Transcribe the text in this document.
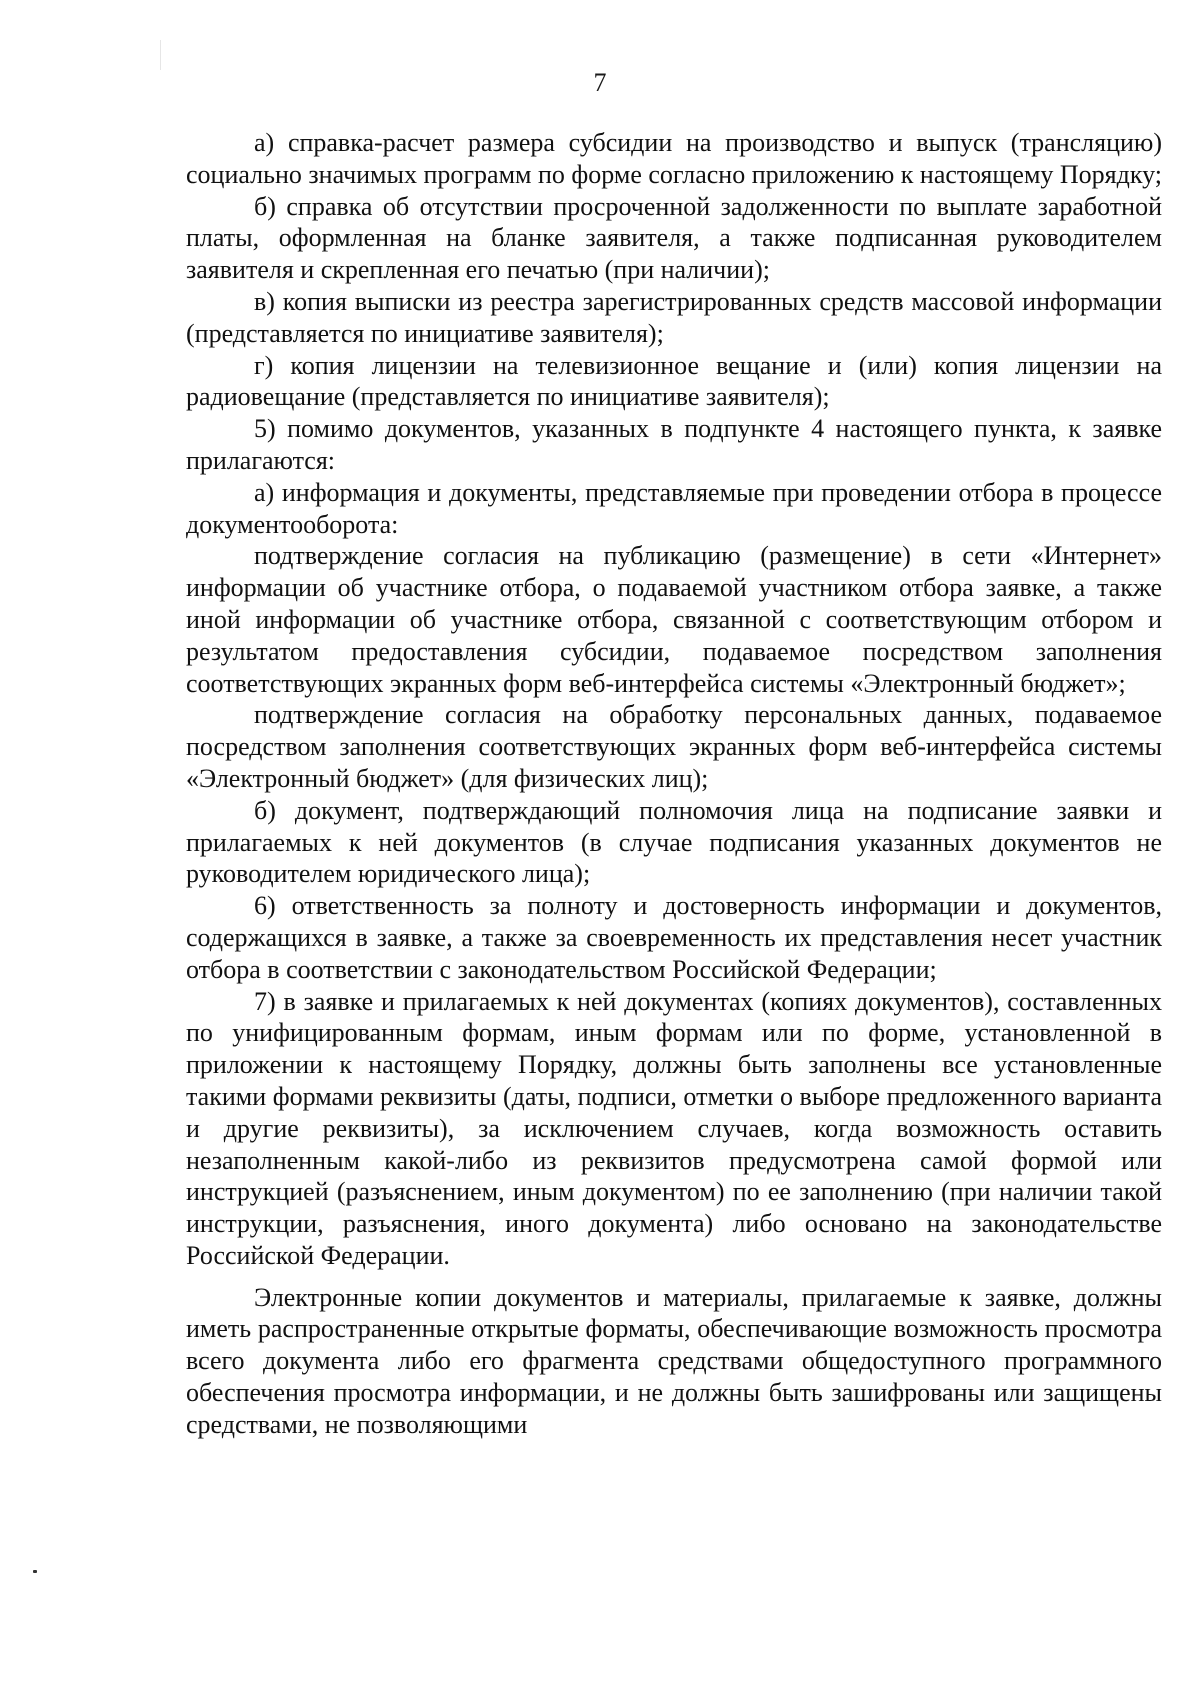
7

а) справка-расчет размера субсидии на производство и выпуск (трансляцию) социально значимых программ по форме согласно приложению к настоящему Порядку;

б) справка об отсутствии просроченной задолженности по выплате заработной платы, оформленная на бланке заявителя, а также подписанная руководителем заявителя и скрепленная его печатью (при наличии);

в) копия выписки из реестра зарегистрированных средств массовой информации (представляется по инициативе заявителя);

г) копия лицензии на телевизионное вещание и (или) копия лицензии на радиовещание (представляется по инициативе заявителя);

5) помимо документов, указанных в подпункте 4 настоящего пункта, к заявке прилагаются:

а) информация и документы, представляемые при проведении отбора в процессе документооборота:

подтверждение согласия на публикацию (размещение) в сети «Интернет» информации об участнике отбора, о подаваемой участником отбора заявке, а также иной информации об участнике отбора, связанной с соответствующим отбором и результатом предоставления субсидии, подаваемое посредством заполнения соответствующих экранных форм веб-интерфейса системы «Электронный бюджет»;

подтверждение согласия на обработку персональных данных, подаваемое посредством заполнения соответствующих экранных форм веб-интерфейса системы «Электронный бюджет» (для физических лиц);

б) документ, подтверждающий полномочия лица на подписание заявки и прилагаемых к ней документов (в случае подписания указанных документов не руководителем юридического лица);

6) ответственность за полноту и достоверность информации и документов, содержащихся в заявке, а также за своевременность их представления несет участник отбора в соответствии с законодательством Российской Федерации;

7) в заявке и прилагаемых к ней документах (копиях документов), составленных по унифицированным формам, иным формам или по форме, установленной в приложении к настоящему Порядку, должны быть заполнены все установленные такими формами реквизиты (даты, подписи, отметки о выборе предложенного варианта и другие реквизиты), за исключением случаев, когда возможность оставить незаполненным какой-либо из реквизитов предусмотрена самой формой или инструкцией (разъяснением, иным документом) по ее заполнению (при наличии такой инструкции, разъяснения, иного документа) либо основано на законодательстве Российской Федерации.

Электронные копии документов и материалы, прилагаемые к заявке, должны иметь распространенные открытые форматы, обеспечивающие возможность просмотра всего документа либо его фрагмента средствами общедоступного программного обеспечения просмотра информации, и не должны быть зашифрованы или защищены средствами, не позволяющими
